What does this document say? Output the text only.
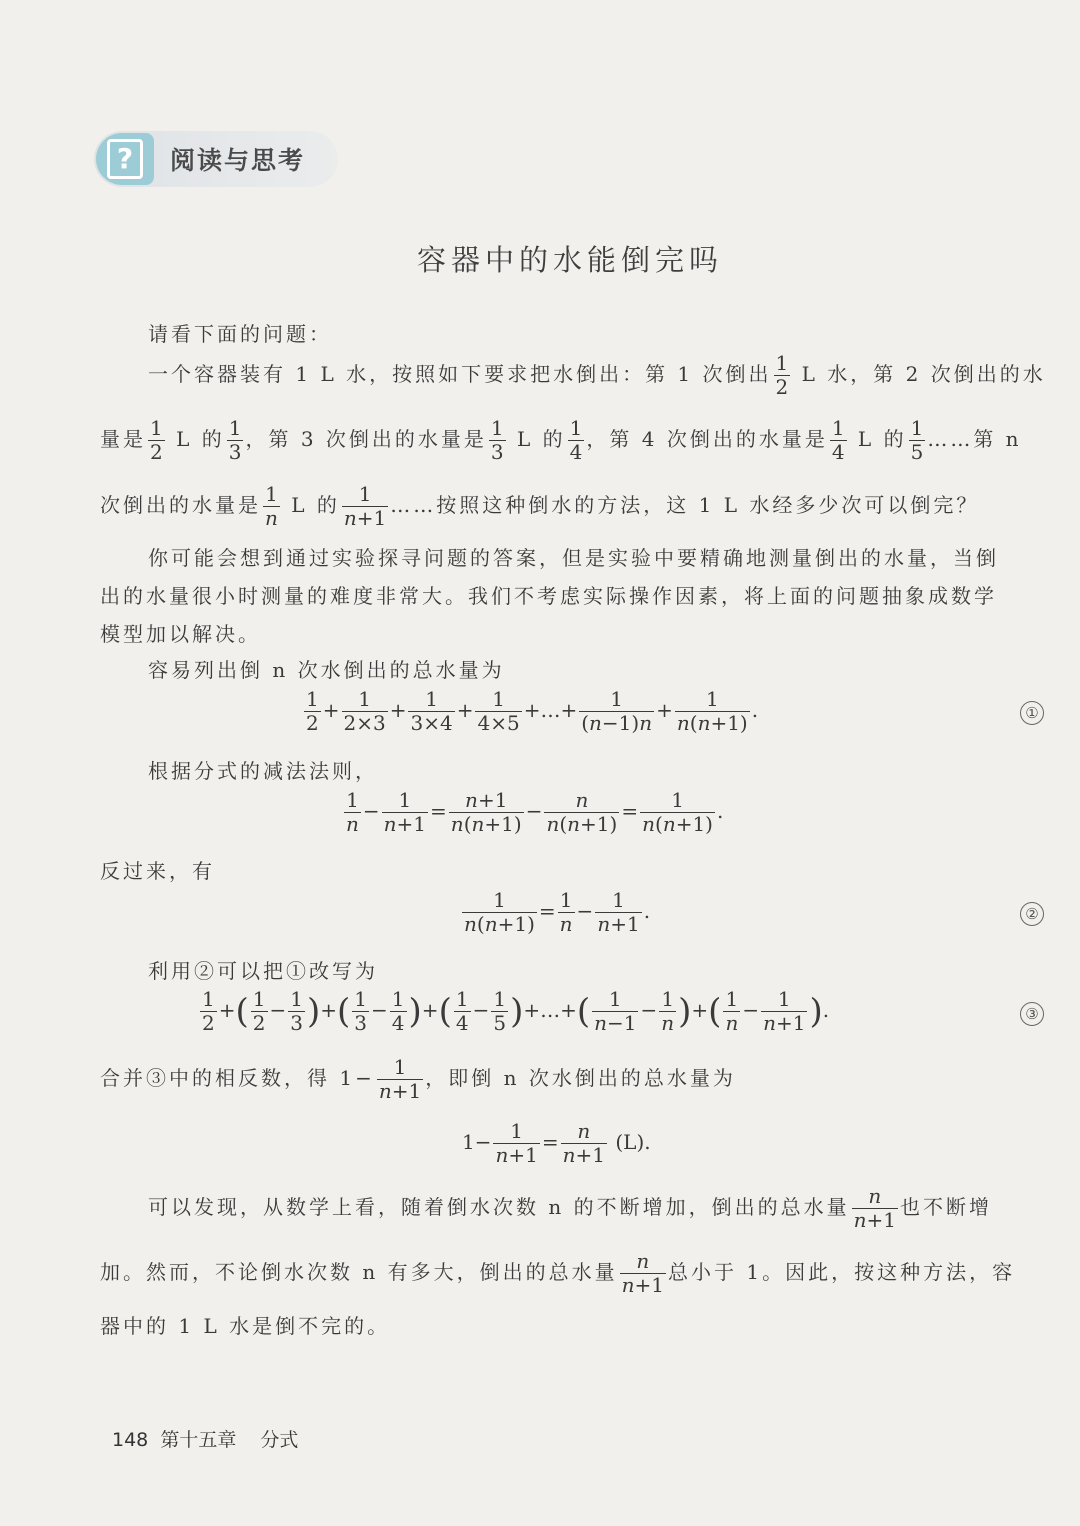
?	阅读与思考
容器中的水能倒完吗
请看下面的问题：
一个容器装有 1 L 水，按照如下要求把水倒出：第 1 次倒出 $\frac{1}{2}$ L 水，第 2 次倒出的水
量是 $\frac{1}{2}$ L 的 $\frac{1}{3}$ ，第 3 次倒出的水量是 $\frac{1}{3}$ L 的 $\frac{1}{4}$ ，第 4 次倒出的水量是 $\frac{1}{4}$ L 的 $\frac{1}{5}$ ……第 n
次倒出的水量是 $\frac{1}{n}$ L 的 $\frac{1}{n+1}$ ……按照这种倒水的方法，这 1 L 水经多少次可以倒完？
你可能会想到通过实验探寻问题的答案，但是实验中要精确地测量倒出的水量，当倒
出的水量很小时测量的难度非常大。我们不考虑实际操作因素，将上面的问题抽象成数学
模型加以解决。
容易列出倒 n 次水倒出的总水量为
$\frac{1}{2} + \frac{1}{2\times 3} + \frac{1}{3\times 4} + \frac{1}{4\times 5}$ +…+ $\frac{1}{(n-1)n} + \frac{1}{n(n+1)}$ .	①
根据分式的减法法则，
$\frac{1}{n} - \frac{1}{n+1} = \frac{n+1}{n(n+1)} - \frac{n}{n(n+1)} = \frac{1}{n(n+1)}$ .
反过来，有
$\frac{1}{n(n+1)} = \frac{1}{n} - \frac{1}{n+1}$ .	②
利用②可以把①改写为
$\frac{1}{2}$ +( $\frac{1}{2} - \frac{1}{3}$ )+( $\frac{1}{3} - \frac{1}{4}$ )+( $\frac{1}{4} - \frac{1}{5}$ )+…+( $\frac{1}{n-1} - \frac{1}{n}$ )+( $\frac{1}{n} - \frac{1}{n+1}$ ).	③
合并③中的相反数，得 $1- \frac{1}{n+1}$ ，即倒 n 次水倒出的总水量为
$1- \frac{1}{n+1} = \frac{n}{n+1} (L)$.
可以发现，从数学上看，随着倒水次数 n 的不断增加，倒出的总水量 $\frac{n}{n+1}$ 也不断增
加。然而，不论倒水次数 n 有多大，倒出的总水量 $\frac{n}{n+1}$ 总小于 1。因此，按这种方法，容
器中的 1 L 水是倒不完的。
148 第十五章 分式
